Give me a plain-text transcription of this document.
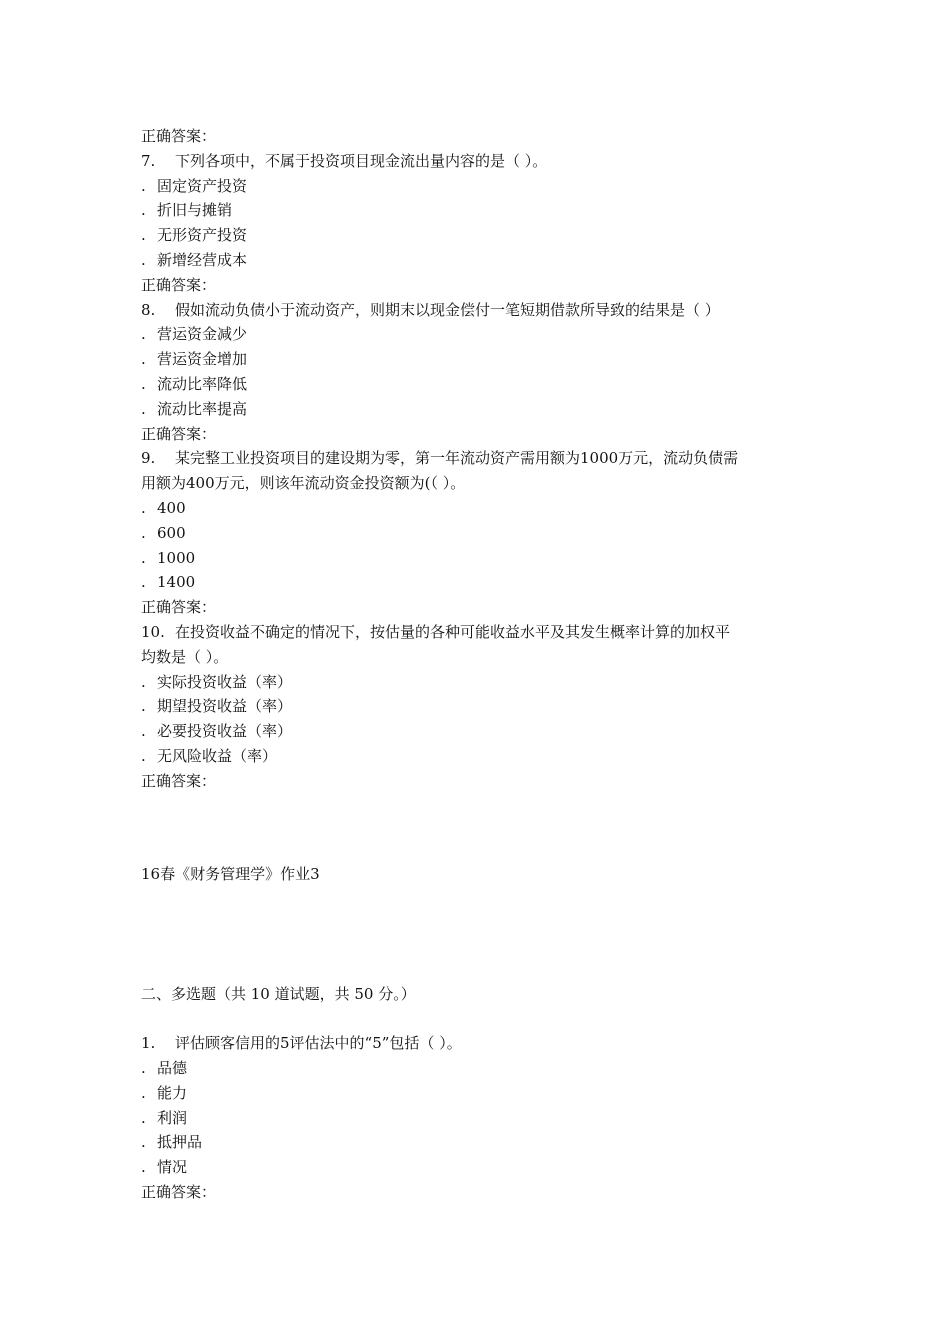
正确答案：

7. 下列各项中，不属于投资项目现金流出量内容的是（ ）。

. 固定资产投资

. 折旧与摊销

. 无形资产投资

. 新增经营成本

正确答案：

8. 假如流动负债小于流动资产，则期末以现金偿付一笔短期借款所导致的结果是（ ）

. 营运资金减少

. 营运资金增加

. 流动比率降低

. 流动比率提高

正确答案：

9. 某完整工业投资项目的建设期为零，第一年流动资产需用额为1000万元，流动负债需

用额为400万元，则该年流动资金投资额为(（ ）。

. 400

. 600

. 1000

. 1400

正确答案：

10. 在投资收益不确定的情况下，按估量的各种可能收益水平及其发生概率计算的加权平

均数是（ ）。

. 实际投资收益（率）

. 期望投资收益（率）

. 必要投资收益（率）

. 无风险收益（率）

正确答案：

16春《财务管理学》作业3

二、多选题（共 10 道试题，共 50 分。）

1. 评估顾客信用的5评估法中的“5”包括（ ）。

. 品德

. 能力

. 利润

. 抵押品

. 情况

正确答案：
